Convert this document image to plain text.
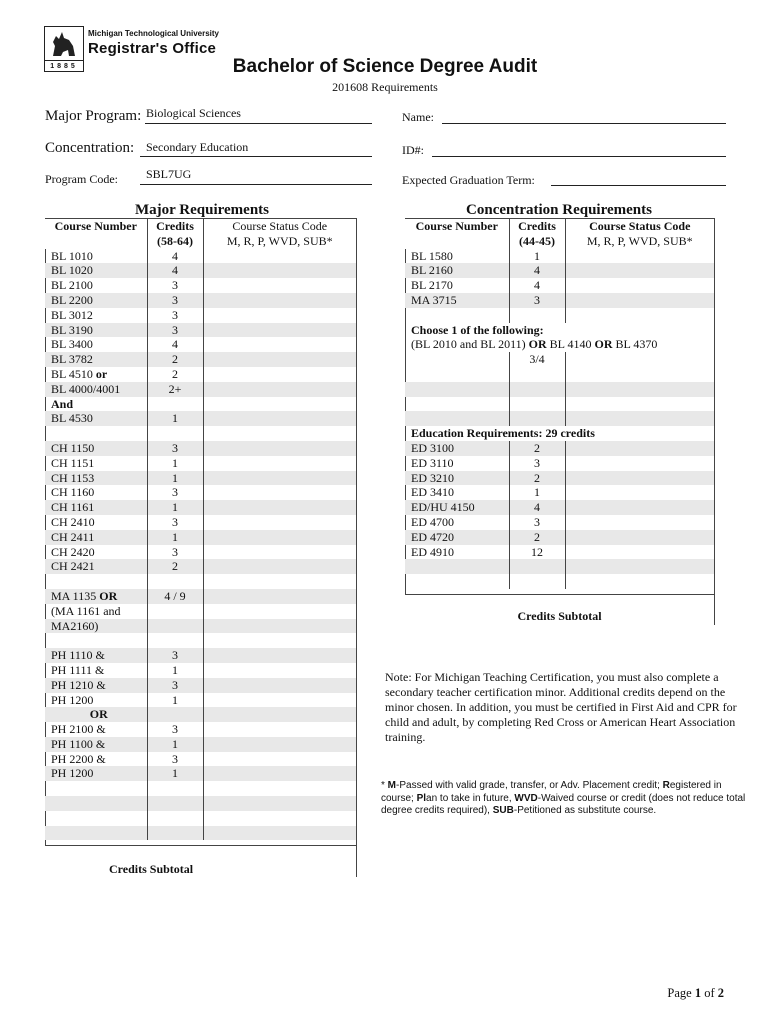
1885
Michigan Technological University
Registrar's Office
Bachelor of Science Degree Audit
201608 Requirements
Major Program: Biological Sciences
Concentration: Secondary Education
Program Code: SBL7UG
Name:
ID#:
Expected Graduation Term:
Major Requirements
Course Number	Credits	Course Status Code
	(58-64)	M, R, P, WVD, SUB*
BL 1010	4	
BL 1020	4	
BL 2100	3	
BL 2200	3	
BL 3012	3	
BL 3190	3	
BL 3400	4	
BL 3782	2	
BL 4510 or	2	
BL 4000/4001	2+	
And		
BL 4530	1	

CH 1150	3	
CH 1151	1	
CH 1153	1	
CH 1160	3	
CH 1161	1	
CH 2410	3	
CH 2411	1	
CH 2420	3	
CH 2421	2	

MA 1135 OR	4 / 9	
(MA 1161 and		
MA2160)		

PH 1110 &	3	
PH 1111 &	1	
PH 1210 &	3	
PH 1200	1	
OR		
PH 2100 &	3	
PH 1100 &	1	
PH 2200 &	3	
PH 1200	1	

Credits Subtotal
Concentration Requirements
Course Number	Credits	Course Status Code
	(44-45)	M, R, P, WVD, SUB*
BL 1580	1	
BL 2160	4	
BL 2170	4	
MA 3715	3	

Choose 1 of the following:		
(BL 2010 and BL 2011) OR BL 4140 OR BL 4370		
	3/4	

Education Requirements: 29 credits		
ED 3100	2	
ED 3110	3	
ED 3210	2	
ED 3410	1	
ED/HU 4150	4	
ED 4700	3	
ED 4720	2	
ED 4910	12	

Credits Subtotal
Note: For Michigan Teaching Certification, you must also complete a secondary teacher certification minor. Additional credits depend on the minor chosen. In addition, you must be certified in First Aid and CPR for child and adult, by completing Red Cross or American Heart Association training.
* M-Passed with valid grade, transfer, or Adv. Placement credit; Registered in course; Plan to take in future, WVD-Waived course or credit (does not reduce total degree credits required), SUB-Petitioned as substitute course.
Page 1 of 2
